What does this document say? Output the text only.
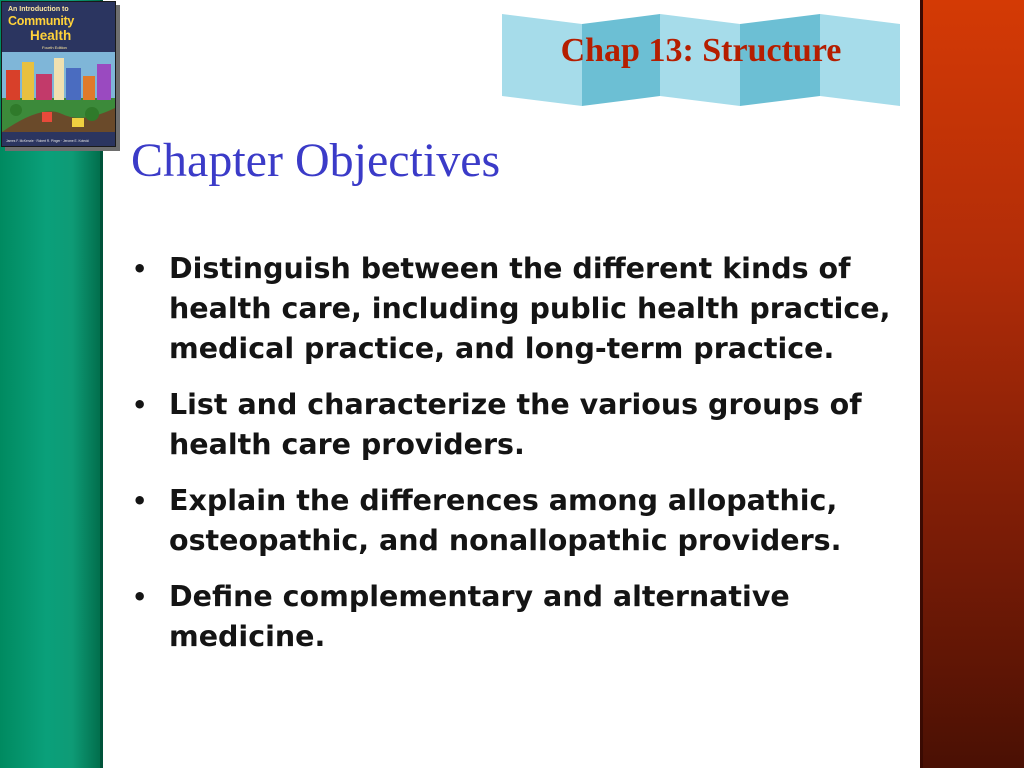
An Introduction to
Community
Health
Fourth Edition
James F. McKenzie · Robert R. Pinger · Jerome E. Kotecki
Chap 13: Structure
Chapter Objectives
• Distinguish between the different kinds of health care, including public health practice, medical practice, and long-term practice.
• List and characterize the various groups of health care providers.
• Explain the differences among allopathic, osteopathic, and nonallopathic providers.
• Define complementary and alternative medicine.
